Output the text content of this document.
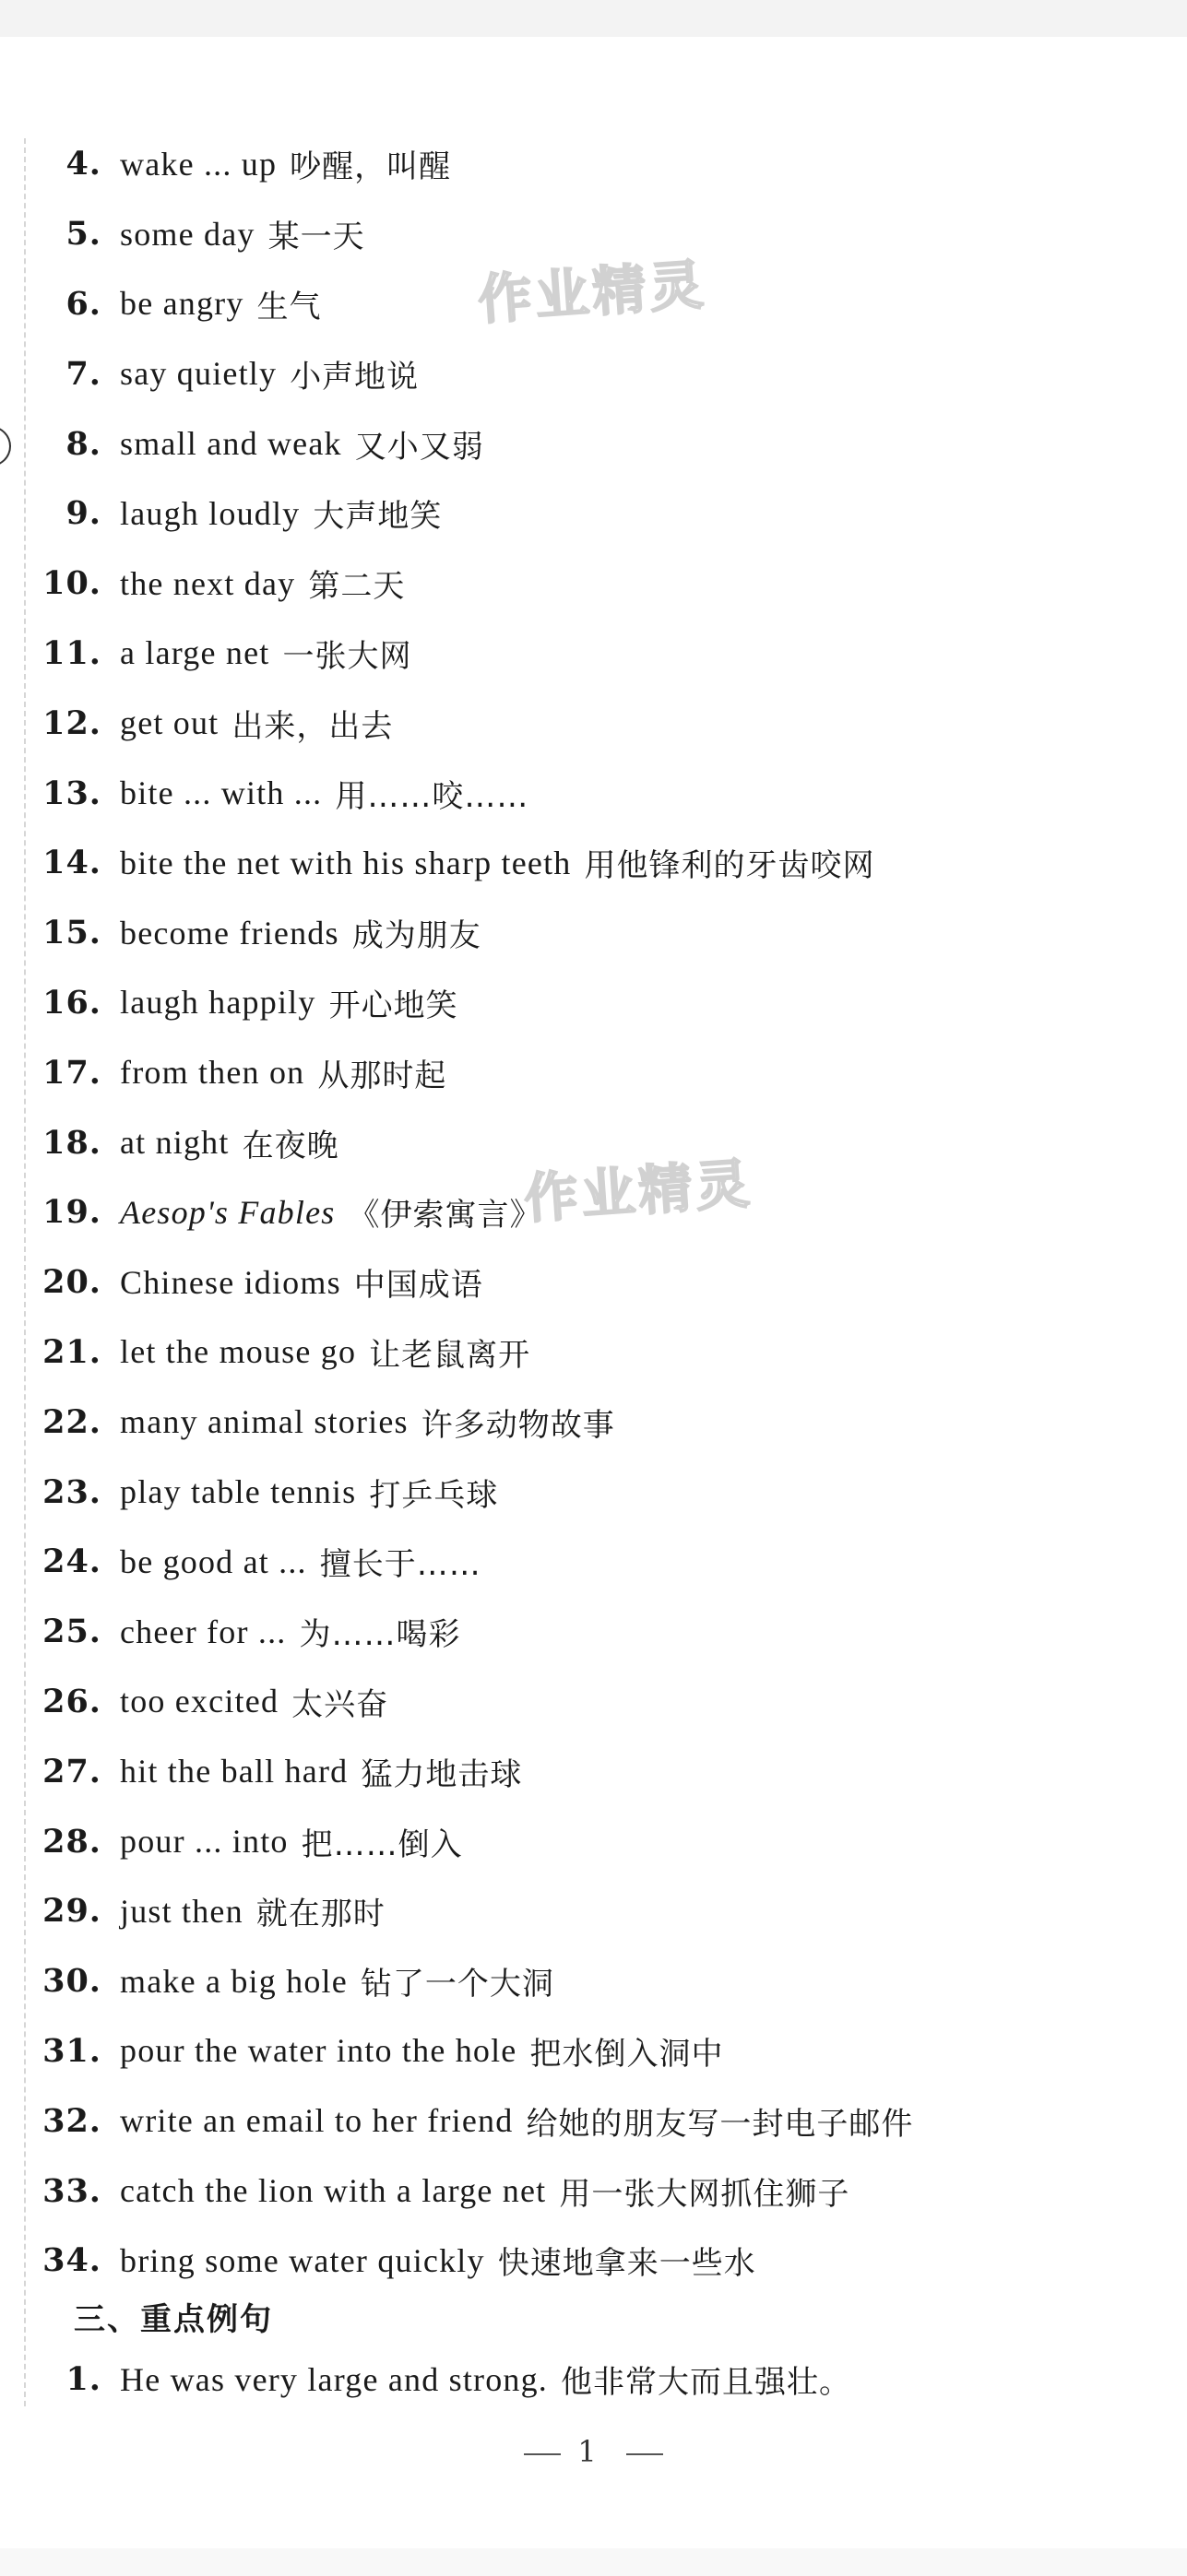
作业精灵
作业精灵
4. wake ... up 吵醒，叫醒
5. some day 某一天
6. be angry 生气
7. say quietly 小声地说
8. small and weak 又小又弱
9. laugh loudly 大声地笑
10. the next day 第二天
11. a large net 一张大网
12. get out 出来，出去
13. bite ... with ... 用……咬……
14. bite the net with his sharp teeth 用他锋利的牙齿咬网
15. become friends 成为朋友
16. laugh happily 开心地笑
17. from then on 从那时起
18. at night 在夜晚
19. Aesop's Fables 《伊索寓言》
20. Chinese idioms 中国成语
21. let the mouse go 让老鼠离开
22. many animal stories 许多动物故事
23. play table tennis 打乒乓球
24. be good at ... 擅长于……
25. cheer for ... 为……喝彩
26. too excited 太兴奋
27. hit the ball hard 猛力地击球
28. pour ... into 把……倒入
29. just then 就在那时
30. make a big hole 钻了一个大洞
31. pour the water into the hole 把水倒入洞中
32. write an email to her friend 给她的朋友写一封电子邮件
33. catch the lion with a large net 用一张大网抓住狮子
34. bring some water quickly 快速地拿来一些水
三、重点例句
1. He was very large and strong. 他非常大而且强壮。
1
